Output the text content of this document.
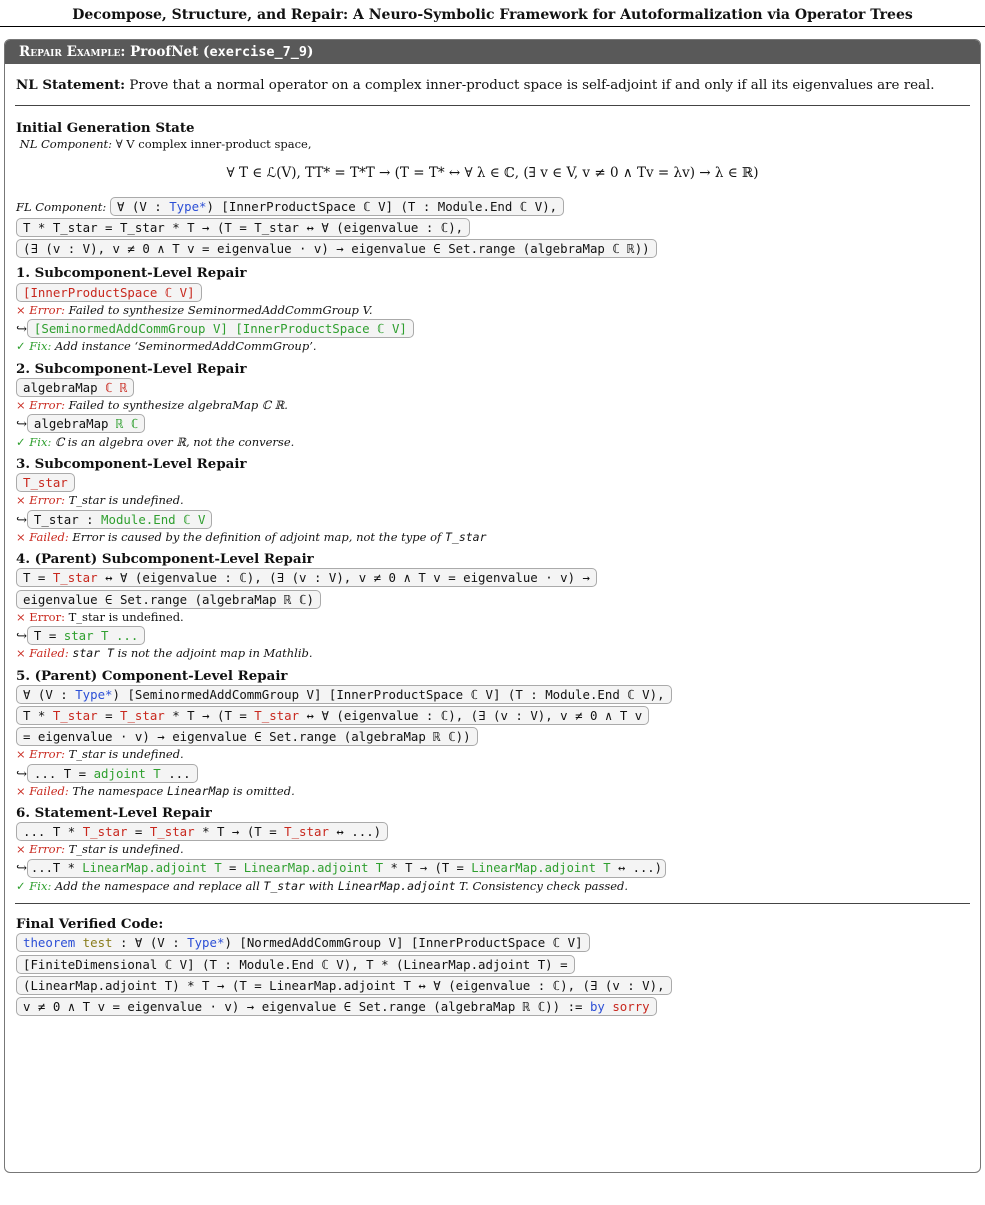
Decompose, Structure, and Repair: A Neuro-Symbolic Framework for Autoformalization via Operator Trees
Repair Example: ProofNet (exercise_7_9)
NL Statement: Prove that a normal operator on a complex inner-product space is self-adjoint if and only if all its eigenvalues are real.
Initial Generation State
NL Component: ∀ V complex inner-product space,
∀ T ∈ ℒ(V), TT* = T*T → (T = T* ↔ ∀ λ ∈ ℂ, (∃ v ∈ V, v ≠ 0 ∧ Tv = λv) → λ ∈ ℝ)
FL Component: ∀ (V : Type*) [InnerProductSpace ℂ V] (T : Module.End ℂ V),
T * T_star = T_star * T → (T = T_star ↔ ∀ (eigenvalue : ℂ),
(∃ (v : V), v ≠ 0 ∧ T v = eigenvalue · v) → eigenvalue ∈ Set.range (algebraMap ℂ ℝ))
1. Subcomponent-Level Repair
[InnerProductSpace ℂ V]
× Error: Failed to synthesize SeminormedAddCommGroup V.
↪ [SeminormedAddCommGroup V] [InnerProductSpace ℂ V]
✓ Fix: Add instance ‘SeminormedAddCommGroup’.
2. Subcomponent-Level Repair
algebraMap ℂ ℝ
× Error: Failed to synthesize algebraMap ℂ ℝ.
↪ algebraMap ℝ ℂ
✓ Fix: ℂ is an algebra over ℝ, not the converse.
3. Subcomponent-Level Repair
T_star
× Error: T_star is undefined.
↪ T_star : Module.End ℂ V
× Failed: Error is caused by the definition of adjoint map, not the type of T_star
4. (Parent) Subcomponent-Level Repair
T = T_star ↔ ∀ (eigenvalue : ℂ), (∃ (v : V), v ≠ 0 ∧ T v = eigenvalue · v) →
eigenvalue ∈ Set.range (algebraMap ℝ ℂ)
× Error: T_star is undefined.
↪ T = star T ...
× Failed: star T is not the adjoint map in Mathlib.
5. (Parent) Component-Level Repair
∀ (V : Type*) [SeminormedAddCommGroup V] [InnerProductSpace ℂ V] (T : Module.End ℂ V),
T * T_star = T_star * T → (T = T_star ↔ ∀ (eigenvalue : ℂ), (∃ (v : V), v ≠ 0 ∧ T v
= eigenvalue · v) → eigenvalue ∈ Set.range (algebraMap ℝ ℂ))
× Error: T_star is undefined.
↪ ... T = adjoint T ...
× Failed: The namespace LinearMap is omitted.
6. Statement-Level Repair
... T * T_star = T_star * T → (T = T_star ↔ ...)
× Error: T_star is undefined.
↪ ...T * LinearMap.adjoint T = LinearMap.adjoint T * T → (T = LinearMap.adjoint T ↔ ...)
✓ Fix: Add the namespace and replace all T_star with LinearMap.adjoint T. Consistency check passed.
Final Verified Code:
theorem test : ∀ (V : Type*) [NormedAddCommGroup V] [InnerProductSpace ℂ V]
[FiniteDimensional ℂ V] (T : Module.End ℂ V), T * (LinearMap.adjoint T) =
(LinearMap.adjoint T) * T → (T = LinearMap.adjoint T ↔ ∀ (eigenvalue : ℂ), (∃ (v : V),
v ≠ 0 ∧ T v = eigenvalue · v) → eigenvalue ∈ Set.range (algebraMap ℝ ℂ)) := by sorry
